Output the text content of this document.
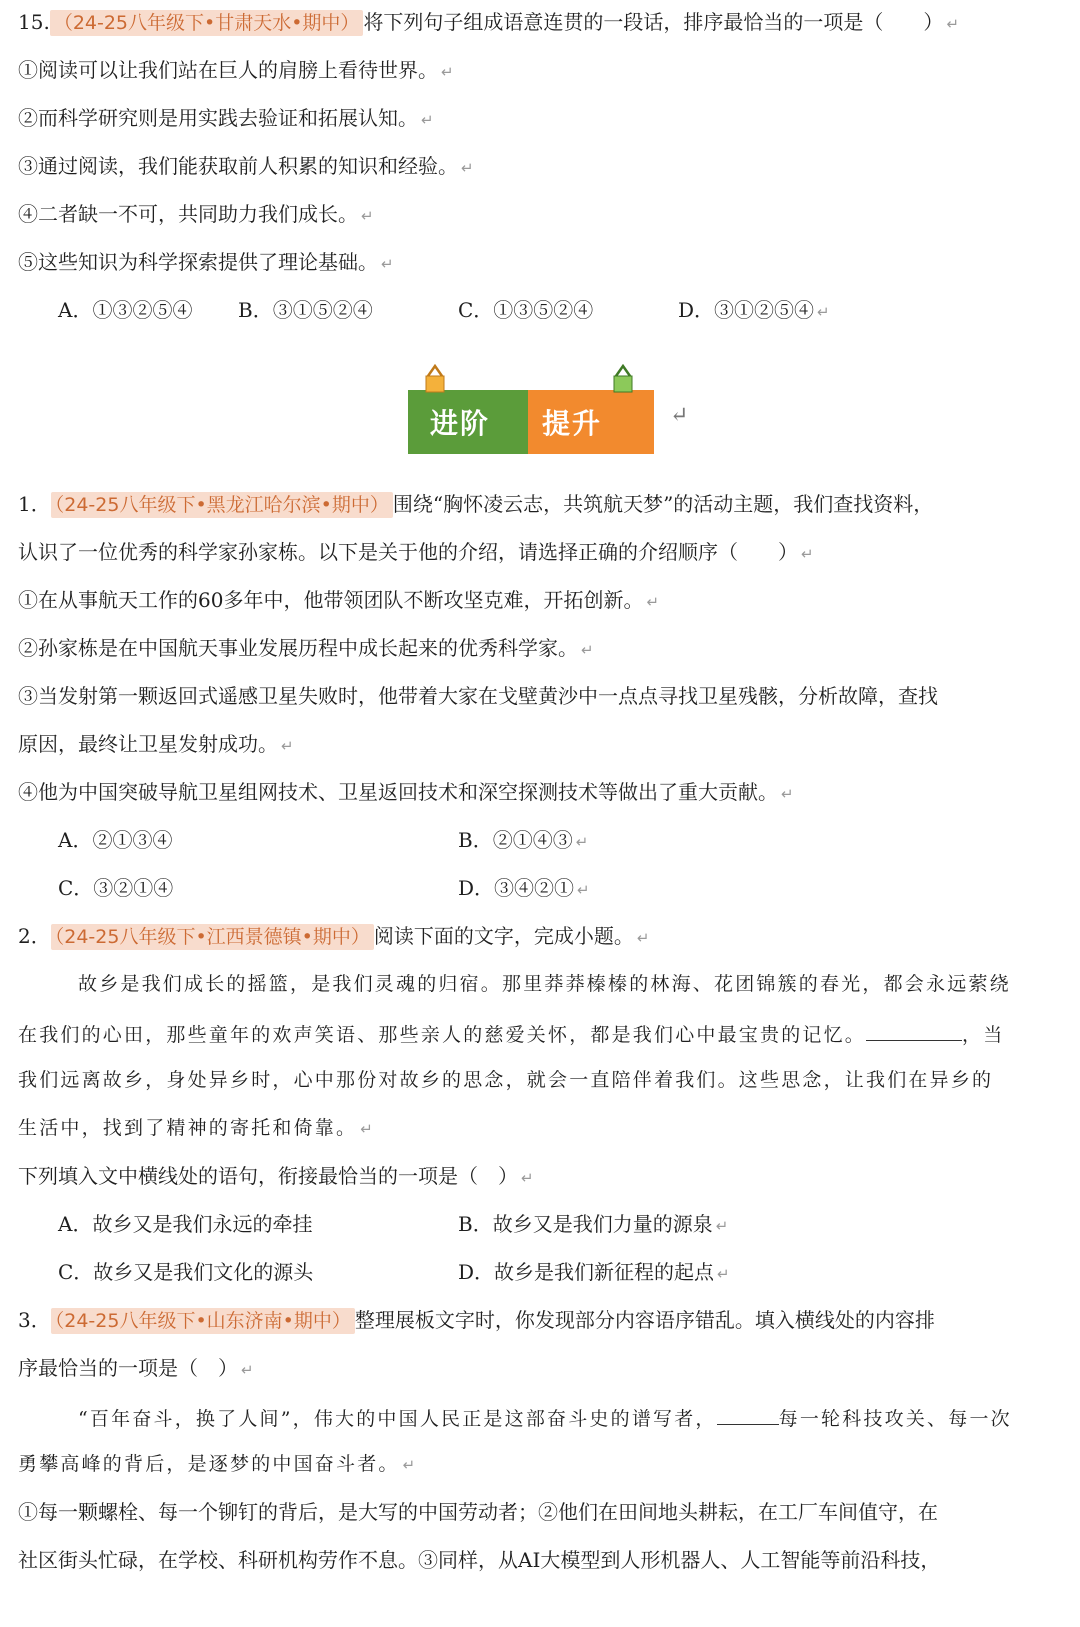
15. （24-25八年级下•甘肃天水•期中） 将下列句子组成语意连贯的一段话，排序最恰当的一项是（　　） ↵
①阅读可以让我们站在巨人的肩膀上看待世界。 ↵
②而科学研究则是用实践去验证和拓展认知。 ↵
③通过阅读，我们能获取前人积累的知识和经验。 ↵
④二者缺一不可，共同助力我们成长。 ↵
⑤这些知识为科学探索提供了理论基础。 ↵
A．①③②⑤④ B．③①⑤②④	C．①③⑤②④	D．③①②⑤④ ↵
进阶 提升	↵
1． （24-25八年级下•黑龙江哈尔滨•期中） 围绕“胸怀凌云志，共筑航天梦”的活动主题，我们查找资料，
认识了一位优秀的科学家孙家栋。以下是关于他的介绍，请选择正确的介绍顺序（　　） ↵
①在从事航天工作的60多年中，他带领团队不断攻坚克难，开拓创新。 ↵
②孙家栋是在中国航天事业发展历程中成长起来的优秀科学家。 ↵
③当发射第一颗返回式遥感卫星失败时，他带着大家在戈壁黄沙中一点点寻找卫星残骸，分析故障，查找
原因，最终让卫星发射成功。 ↵
④他为中国突破导航卫星组网技术、卫星返回技术和深空探测技术等做出了重大贡献。 ↵
A．②①③④	B．②①④③ ↵
C．③②①④	D．③④②① ↵
2． （24-25八年级下•江西景德镇•期中） 阅读下面的文字，完成小题。 ↵
故乡是我们成长的摇篮，是我们灵魂的归宿。那里莽莽榛榛的林海、花团锦簇的春光，都会永远萦绕
在我们的心田，那些童年的欢声笑语、那些亲人的慈爱关怀，都是我们心中最宝贵的记忆。	，当
我们远离故乡，身处异乡时，心中那份对故乡的思念，就会一直陪伴着我们。这些思念，让我们在异乡的
生活中，找到了精神的寄托和倚靠。 ↵
下列填入文中横线处的语句，衔接最恰当的一项是（　） ↵
A．故乡又是我们永远的牵挂	B．故乡又是我们力量的源泉 ↵
C．故乡又是我们文化的源头	D．故乡是我们新征程的起点 ↵
3． （24-25八年级下•山东济南•期中） 整理展板文字时，你发现部分内容语序错乱。填入横线处的内容排
序最恰当的一项是（　） ↵
“百年奋斗，换了人间”，伟大的中国人民正是这部奋斗史的谱写者，	每一轮科技攻关、每一次
勇攀高峰的背后，是逐梦的中国奋斗者。 ↵
①每一颗螺栓、每一个铆钉的背后，是大写的中国劳动者；②他们在田间地头耕耘，在工厂车间值守，在
社区街头忙碌，在学校、科研机构劳作不息。③同样，从AI大模型到人形机器人、人工智能等前沿科技，
